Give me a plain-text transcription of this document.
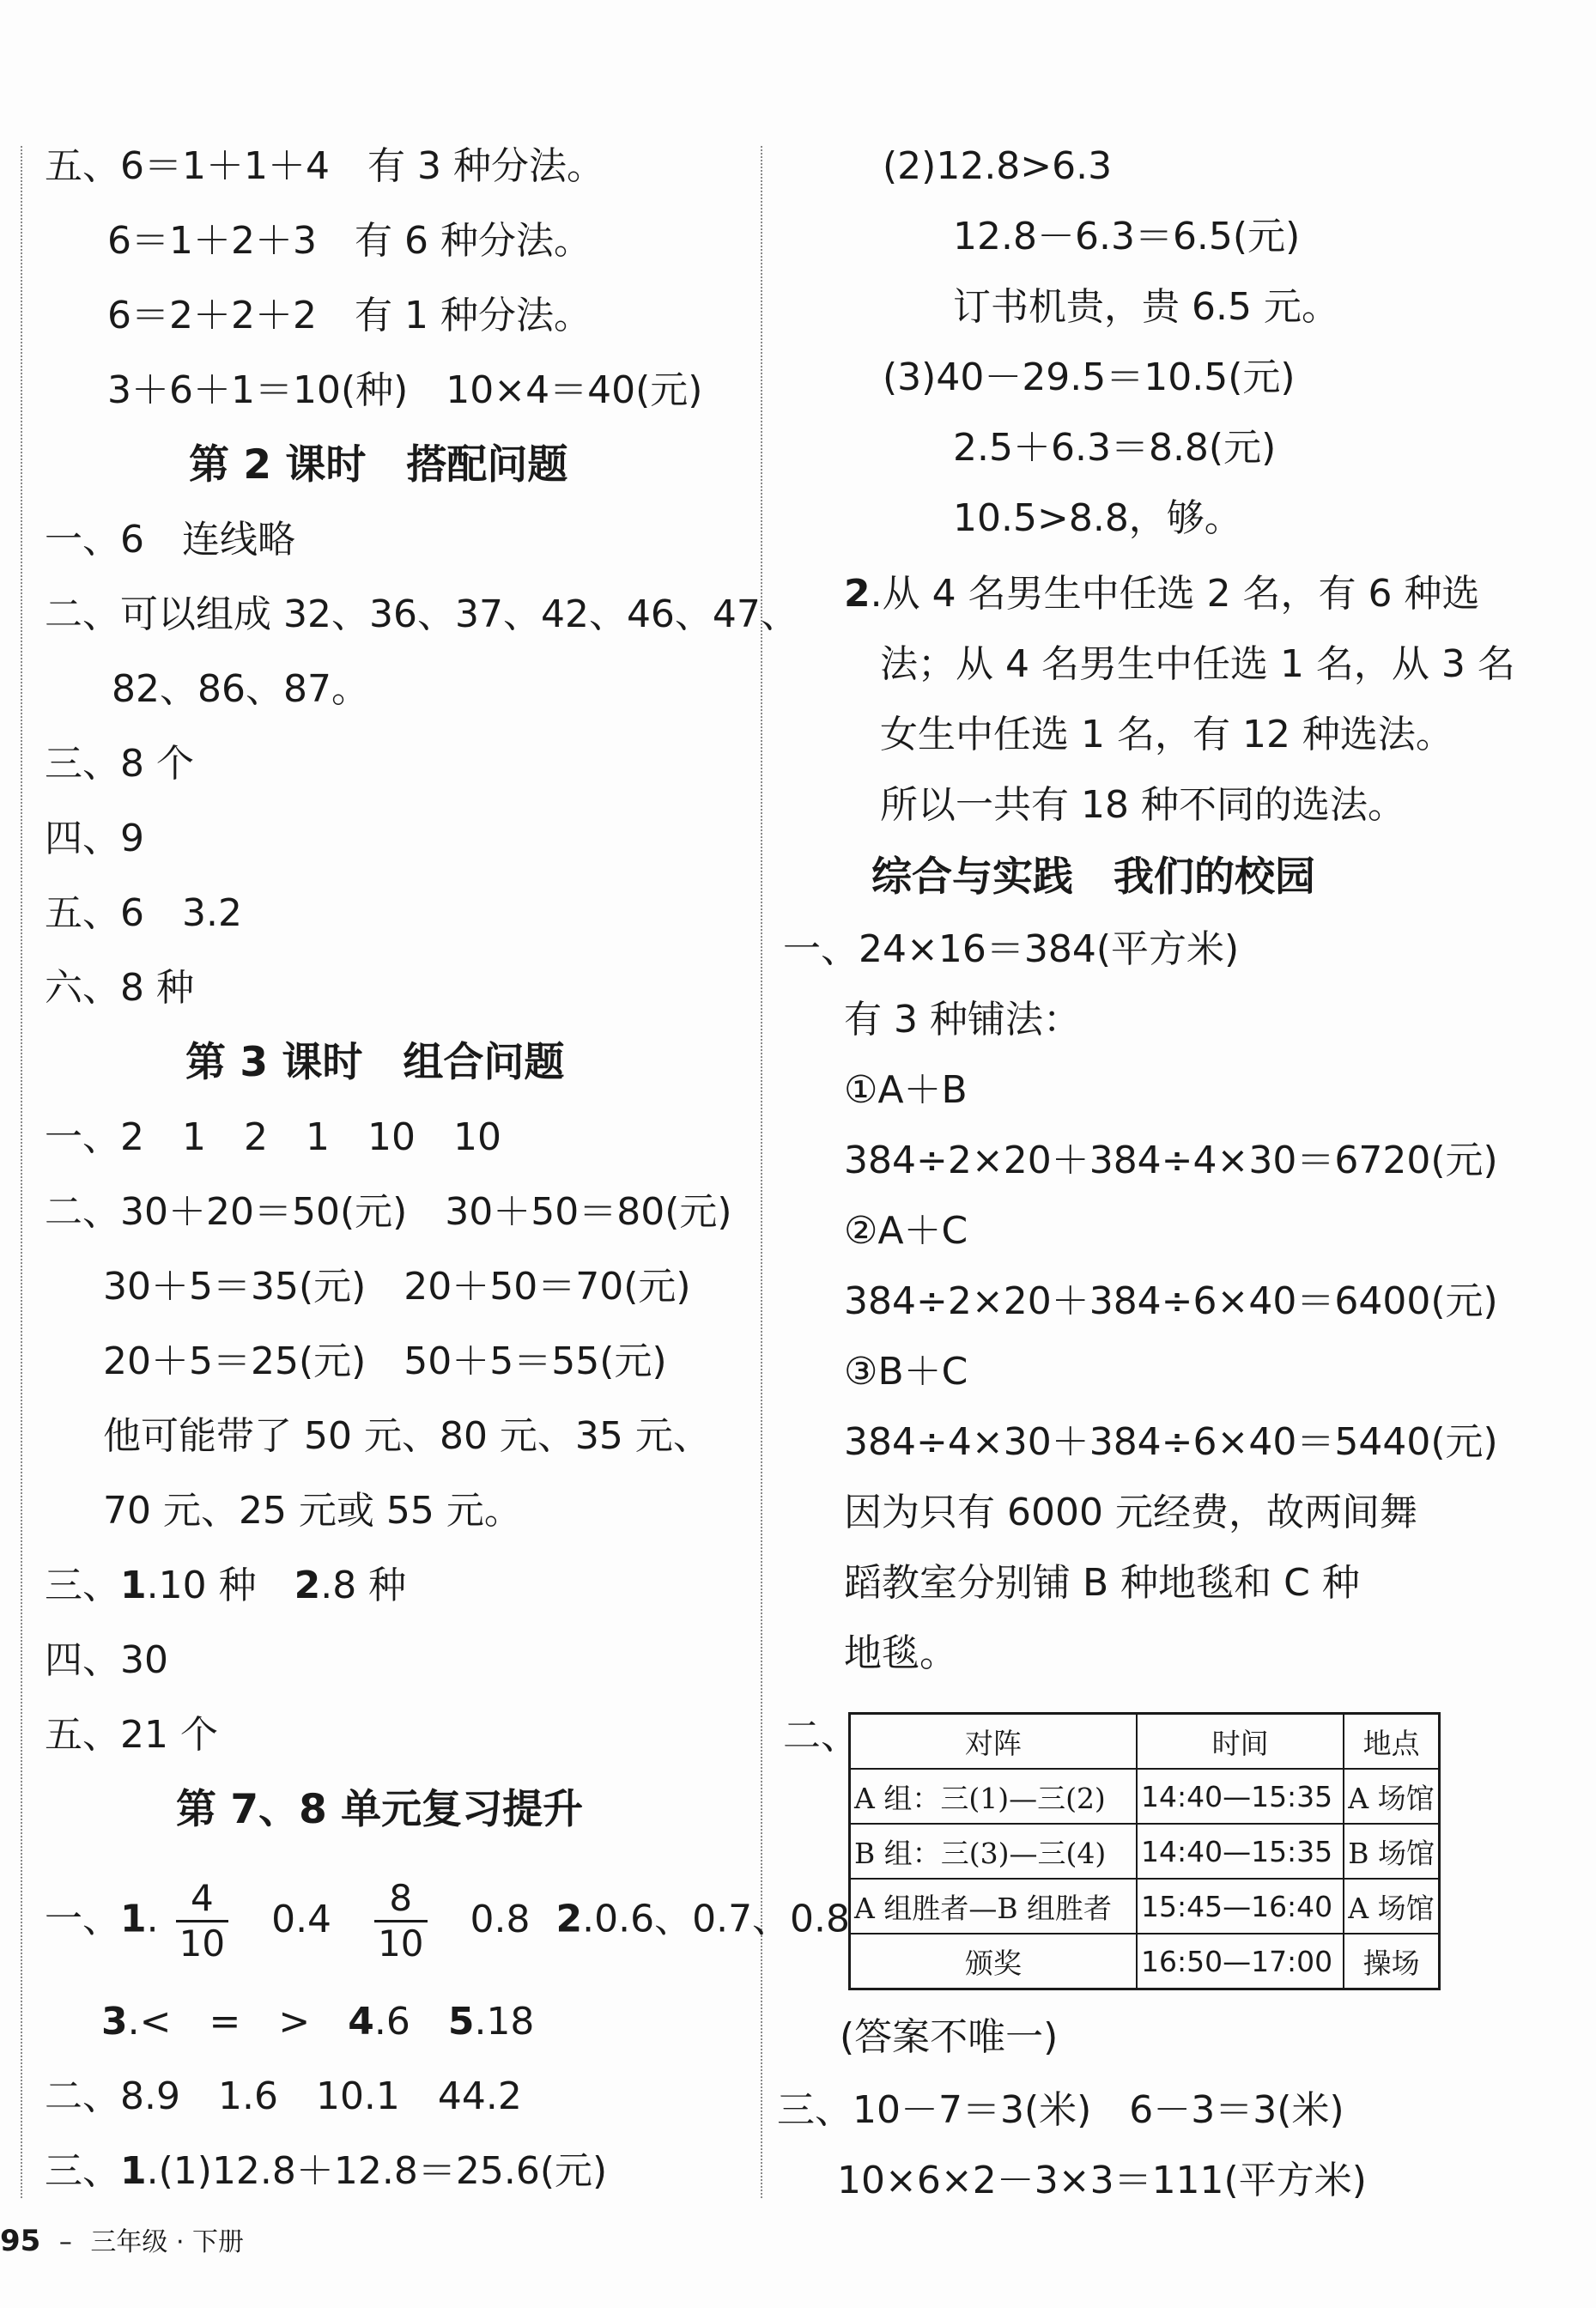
五、6＝1＋1＋4　有 3 种分法。
6＝1＋2＋3　有 6 种分法。
6＝2＋2＋2　有 1 种分法。
3＋6＋1＝10(种)　10×4＝40(元)
第 2 课时　搭配问题
一、6　连线略
二、可以组成 32、36、37、42、46、47、
82、86、87。
三、8 个
四、9
五、6　3.2
六、8 种
第 3 课时　组合问题
一、2　1　2　1　10　10
二、30＋20＝50(元)　30＋50＝80(元)
30＋5＝35(元)　20＋50＝70(元)
20＋5＝25(元)　50＋5＝55(元)
他可能带了 50 元、80 元、35 元、
70 元、25 元或 55 元。
三、1.10 种　2.8 种
四、30
五、21 个
第 7、8 单元复习提升
一、1. $\frac{4}{10} 0.4 \frac{8}{10} 0.8$ 2.0.6、0.7、0.8
3.<　=　>　4.6　5.18
二、8.9　1.6　10.1　44.2
三、1.(1)12.8＋12.8＝25.6(元)
(2)12.8>6.3
12.8－6.3＝6.5(元)
订书机贵，贵 6.5 元。
(3)40－29.5＝10.5(元)
2.5＋6.3＝8.8(元)
10.5>8.8，够。
2.从 4 名男生中任选 2 名，有 6 种选
法；从 4 名男生中任选 1 名，从 3 名
女生中任选 1 名，有 12 种选法。
所以一共有 18 种不同的选法。
综合与实践　我们的校园
一、24×16＝384(平方米)
有 3 种铺法：
①A＋B
384÷2×20＋384÷4×30＝6720(元)
②A＋C
384÷2×20＋384÷6×40＝6400(元)
③B＋C
384÷4×30＋384÷6×40＝5440(元)
因为只有 6000 元经费，故两间舞
蹈教室分别铺 B 种地毯和 C 种
地毯。
二、	对阵	时间	地点
A 组：三(1)—三(2)	14:40—15:35	A 场馆
B 组：三(3)—三(4)	14:40—15:35	B 场馆
A 组胜者—B 组胜者	15:45—16:40	A 场馆
颁奖	16:50—17:00	操场
(答案不唯一)
三、10－7＝3(米)　6－3＝3(米)
10×6×2－3×3＝111(平方米)
95 – 三年级 · 下册
